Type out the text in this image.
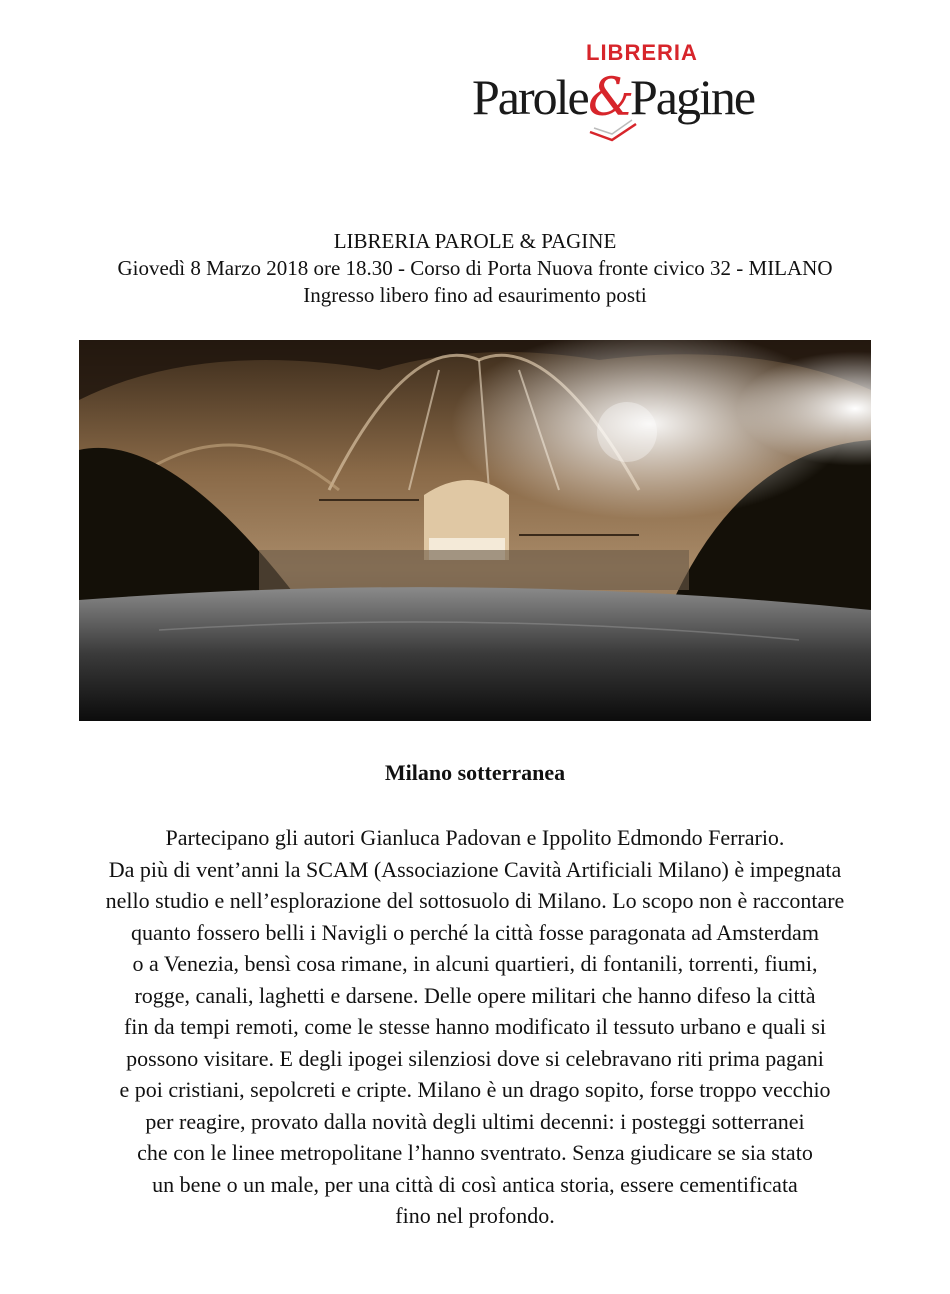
LIBRERIA
Parole &
Pagine
LIBRERIA PAROLE & PAGINE
Giovedì 8 Marzo 2018 ore 18.30 - Corso di Porta Nuova fronte civico 32 - MILANO
Ingresso libero fino ad esaurimento posti
Milano sotterranea
Partecipano gli autori Gianluca Padovan e Ippolito Edmondo Ferrario.
Da più di vent’anni la SCAM (Associazione Cavità Artificiali Milano) è impegnata
nello studio e nell’esplorazione del sottosuolo di Milano. Lo scopo non è raccontare
quanto fossero belli i Navigli o perché la città fosse paragonata ad Amsterdam
o a Venezia, bensì cosa rimane, in alcuni quartieri, di fontanili, torrenti, fiumi,
rogge, canali, laghetti e darsene. Delle opere militari che hanno difeso la città
fin da tempi remoti, come le stesse hanno modificato il tessuto urbano e quali si
possono visitare. E degli ipogei silenziosi dove si celebravano riti prima pagani
e poi cristiani, sepolcreti e cripte. Milano è un drago sopito, forse troppo vecchio
per reagire, provato dalla novità degli ultimi decenni: i posteggi sotterranei
che con le linee metropolitane l’hanno sventrato. Senza giudicare se sia stato
un bene o un male, per una città di così antica storia, essere cementificata
fino nel profondo.
